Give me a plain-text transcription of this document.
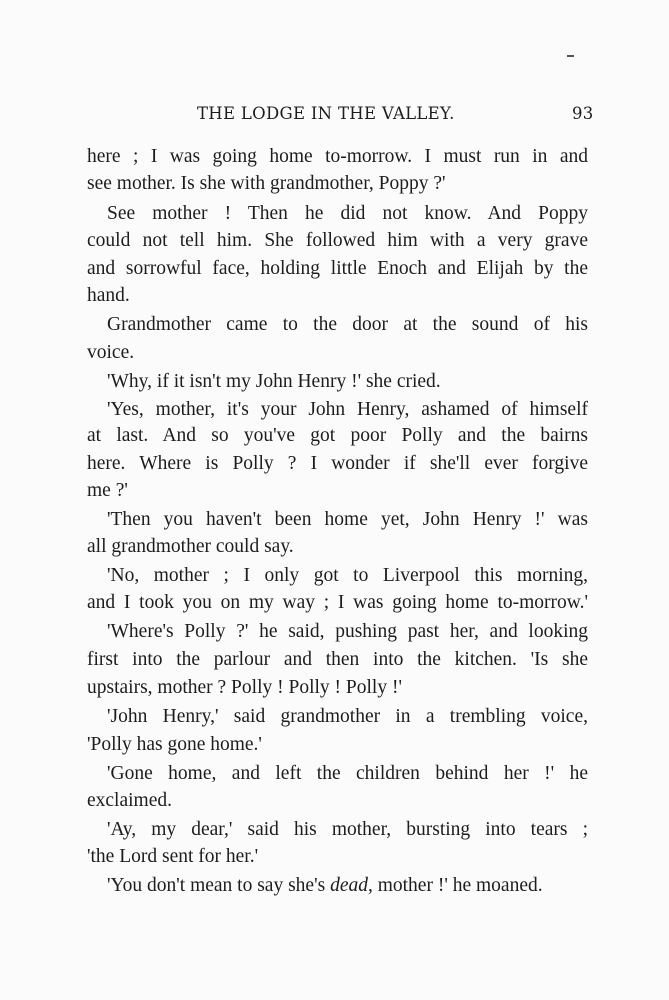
THE LODGE IN THE VALLEY.	93
here ; I was going home to-morrow. I must run in and
see mother. Is she with grandmother, Poppy ?'
See mother ! Then he did not know. And Poppy
could not tell him. She followed him with a very grave
and sorrowful face, holding little Enoch and Elijah by the
hand.
Grandmother came to the door at the sound of his
voice.
'Why, if it isn't my John Henry !' she cried.
'Yes, mother, it's your John Henry, ashamed of himself
at last. And so you've got poor Polly and the bairns
here. Where is Polly ? I wonder if she'll ever forgive
me ?'
'Then you haven't been home yet, John Henry !' was
all grandmother could say.
'No, mother ; I only got to Liverpool this morning,
and I took you on my way ; I was going home to-morrow.'
'Where's Polly ?' he said, pushing past her, and looking
first into the parlour and then into the kitchen. 'Is she
upstairs, mother ? Polly ! Polly ! Polly !'
'John Henry,' said grandmother in a trembling voice,
'Polly has gone home.'
'Gone home, and left the children behind her !' he
exclaimed.
'Ay, my dear,' said his mother, bursting into tears ;
'the Lord sent for her.'
'You don't mean to say she's dead, mother !' he moaned.
